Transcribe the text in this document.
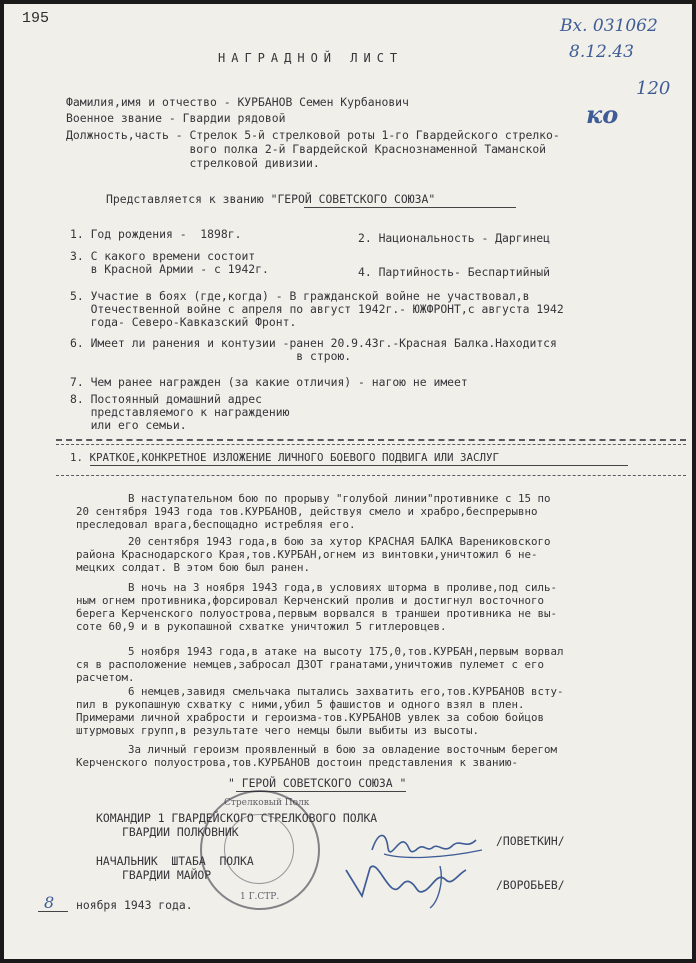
195	Вх. 031062
8.12.43
120
ко
НАГРАДНОЙ ЛИСТ
Фамилия,имя и отчество - КУРБАНОВ Семен Курбанович
Военное звание - Гвардии рядовой
Должность,часть - Стрелок 5-й стрелковой роты 1-го Гвардейского стрелко-
вого полка 2-й Гвардейской Краснознаменной Таманской
стрелковой дивизии.
Представляется к званию "ГЕРОЙ СОВЕТСКОГО СОЮЗА"
1. Год рождения -  1898г.	2. Национальность - Даргинец
3. С какого времени состоит
в Красной Армии - с 1942г.	4. Партийность- Беспартийный
5. Участие в боях (где,когда) - В гражданской войне не участвовал,в
Отечественной войне с апреля по август 1942г.- ЮЖФРОНТ,с августа 1942
года- Северо-Кавказский Фронт.
6. Имеет ли ранения и контузии -ранен 20.9.43г.-Красная Балка.Находится
в строю.
7. Чем ранее награжден (за какие отличия) - нагою не имеет
8. Постоянный домашний адрес
представляемого к награждению
или его семьи.
1. КРАТКОЕ,КОНКРЕТНОЕ ИЗЛОЖЕНИЕ ЛИЧНОГО БОЕВОГО ПОДВИГА ИЛИ ЗАСЛУГ
В наступательном бою по прорыву "голубой линии"противнике с 15 по
20 сентября 1943 года тов.КУРБАНОВ, действуя смело и храбро,беспрерывно
преследовал врага,беспощадно истребляя его.
20 сентября 1943 года,в бою за хутор КРАСНАЯ БАЛКА Варениковского
района Краснодарского Края,тов.КУРБАН,огнем из винтовки,уничтожил 6 не-
мецких солдат. В этом бою был ранен.
В ночь на 3 ноября 1943 года,в условиях шторма в проливе,под силь-
ным огнем противника,форсировал Керченский пролив и достигнул восточного
берега Керченского полуострова,первым ворвался в траншеи противника не вы-
соте 60,9 и в рукопашной схватке уничтожил 5 гитлеровцев.
5 ноября 1943 года,в атаке на высоту 175,0,тов.КУРБАН,первым ворвал
ся в расположение немцев,забросал ДЗОТ гранатами,уничтожив пулемет с его
расчетом.
6 немцев,завидя смельчака пытались захватить его,тов.КУРБАНОВ всту-
пил в рукопашную схватку с ними,убил 5 фашистов и одного взял в плен.
Примерами личной храбрости и героизма-тов.КУРБАНОВ увлек за собою бойцов
штурмовых групп,в результате чего немцы были выбиты из высоты.
За личный героизм проявленный в бою за овладение восточным берегом
Керченского полуострова,тов.КУРБАНОВ достоин представления к званию-
" ГЕРОЙ СОВЕТСКОГО СОЮЗА "
Стрелковый Полк
1 Г.СТР.
КОМАНДИР 1 ГВАРДЕЙСКОГО СТРЕЛКОВОГО ПОЛКА
ГВАРДИИ ПОЛКОВНИК
/ПОВЕТКИН/
НАЧАЛЬНИК  ШТАБА  ПОЛКА
ГВАРДИИ МАЙОР
/ВОРОБЬЕВ/
8 ноября 1943 года.
